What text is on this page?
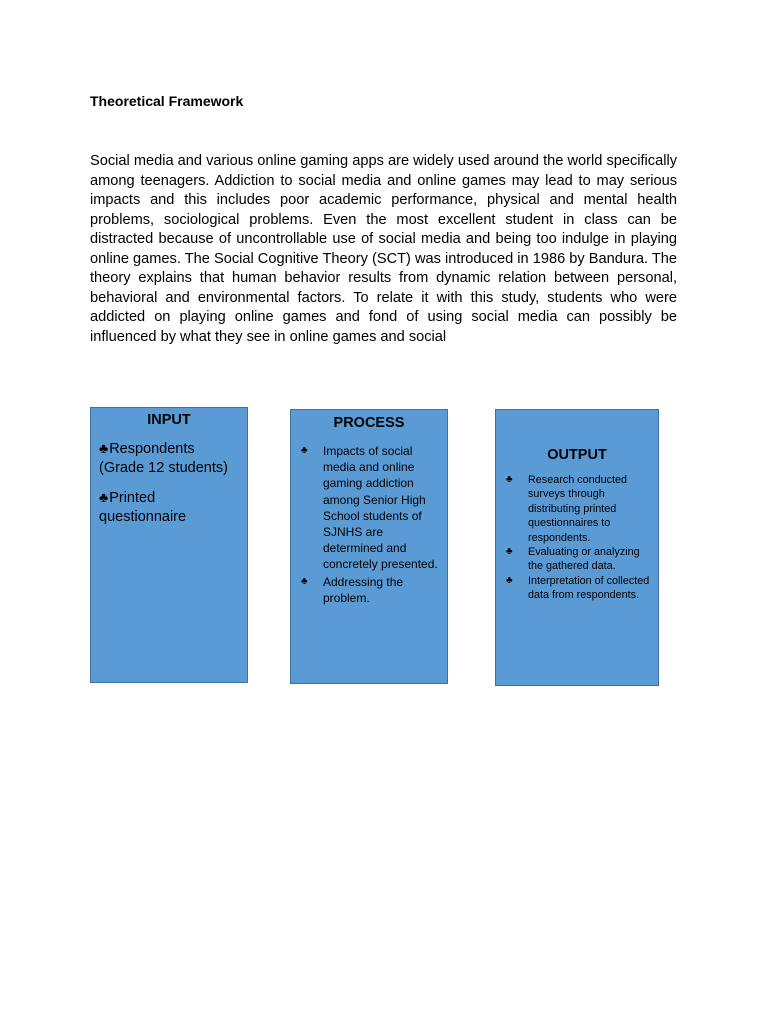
Theoretical Framework

Social media and various online gaming apps are widely used around the world specifically among teenagers. Addiction to social media and online games may lead to may serious impacts and this includes poor academic performance, physical and mental health problems, sociological problems. Even the most excellent student in class can be distracted because of uncontrollable use of social media and being too indulge in playing online games. The Social Cognitive Theory (SCT) was introduced in 1986 by Bandura. The theory explains that human behavior results from dynamic relation between personal, behavioral and environmental factors. To relate it with this study, students who were addicted on playing online games and fond of using social media can possibly be influenced by what they see in online games and social

INPUT
♣Respondents (Grade 12 students)
♣Printed questionnaire
PROCESS
♣ Impacts of social media and online gaming addiction among Senior High School students of SJNHS are determined and concretely presented.
♣ Addressing the problem.
OUTPUT
♣ Research conducted surveys through distributing printed questionnaires to respondents.
♣ Evaluating or analyzing the gathered data.
♣ Interpretation of collected data from respondents.
